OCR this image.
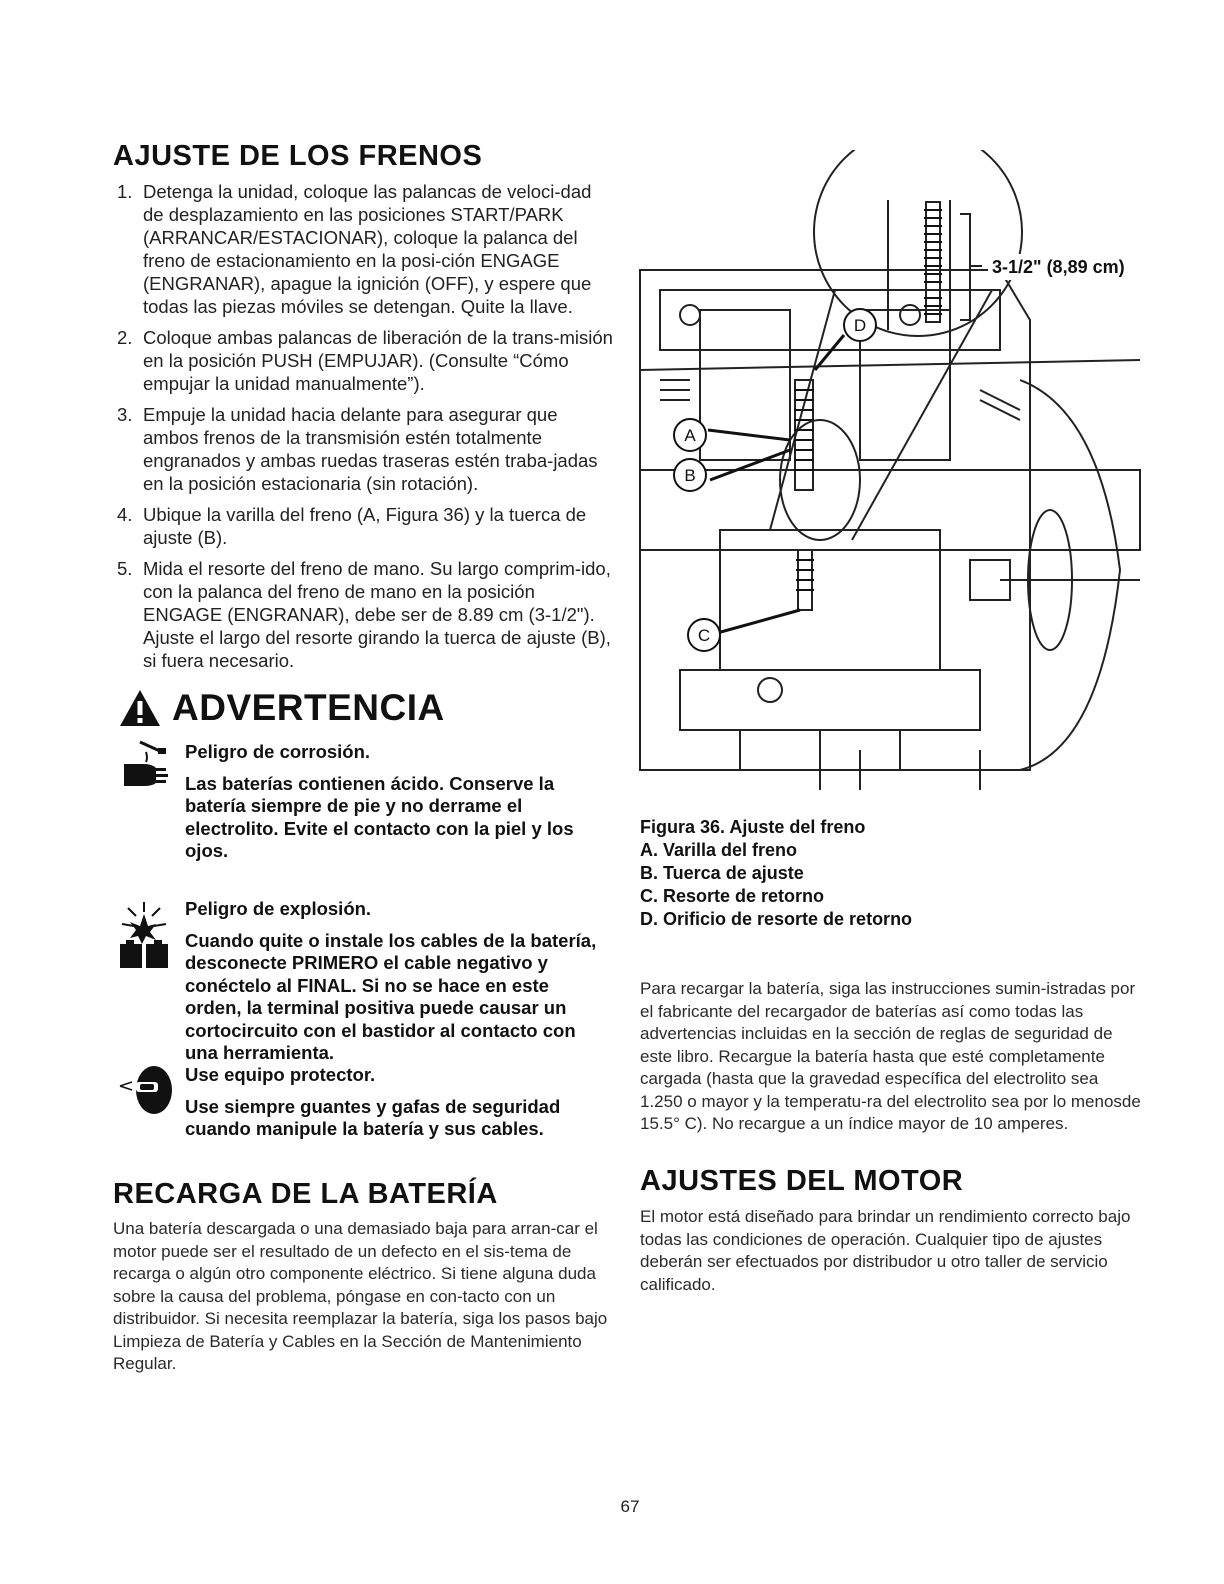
AJUSTE DE LOS FRENOS
1. Detenga la unidad, coloque las palancas de veloci-dad de desplazamiento en las posiciones START/PARK (ARRANCAR/ESTACIONAR), coloque la palanca del freno de estacionamiento en la posi-ción ENGAGE (ENGRANAR), apague la ignición (OFF), y espere que todas las piezas móviles se detengan. Quite la llave.
2. Coloque ambas palancas de liberación de la trans-misión en la posición PUSH (EMPUJAR). (Consulte “Cómo empujar la unidad manualmente”).
3. Empuje la unidad hacia delante para asegurar que ambos frenos de la transmisión estén totalmente engranados y ambas ruedas traseras estén traba-jadas en la posición estacionaria (sin rotación).
4. Ubique la varilla del freno (A, Figura 36) y la tuerca de ajuste (B).
5. Mida el resorte del freno de mano. Su largo comprim-ido, con la palanca del freno de mano en la posición ENGAGE (ENGRANAR), debe ser de 8.89 cm (3-1/2"). Ajuste el largo del resorte girando la tuerca de ajuste (B), si fuera necesario.
ADVERTENCIA
Peligro de corrosión.
Las baterías contienen ácido. Conserve la batería siempre de pie y no derrame el electrolito. Evite el contacto con la piel y los ojos.
Peligro de explosión.
Cuando quite o instale los cables de la batería, desconecte PRIMERO el cable negativo y conéctelo al FINAL. Si no se hace en este orden, la terminal positiva puede causar un cortocircuito con el bastidor al contacto con una herramienta.
Use equipo protector.
Use siempre guantes y gafas de seguridad cuando manipule la batería y sus cables.
RECARGA DE LA BATERÍA
Una batería descargada o una demasiado baja para arran-car el motor puede ser el resultado de un defecto en el sis-tema de recarga o algún otro componente eléctrico. Si tiene alguna duda sobre la causa del problema, póngase en con-tacto con un distribuidor. Si necesita reemplazar la batería, siga los pasos bajo Limpieza de Batería y Cables en la Sección de Mantenimiento Regular.
A
B
C
D
3-1/2" (8,89 cm)
Figura 36. Ajuste del freno
A. Varilla del freno
B. Tuerca de ajuste
C. Resorte de retorno
D. Orificio de resorte de retorno
Para recargar la batería, siga las instrucciones sumin-istradas por el fabricante del recargador de baterías así como todas las advertencias incluidas en la sección de reglas de seguridad de este libro. Recargue la batería hasta que esté completamente cargada (hasta que la gravedad específica del electrolito sea 1.250 o mayor y la temperatu-ra del electrolito sea por lo menosde 15.5° C). No recargue a un índice mayor de 10 amperes.
AJUSTES DEL MOTOR
El motor está diseñado para brindar un rendimiento correcto bajo todas las condiciones de operación. Cualquier tipo de ajustes deberán ser efectuados por distribudor u otro taller de servicio calificado.
67
